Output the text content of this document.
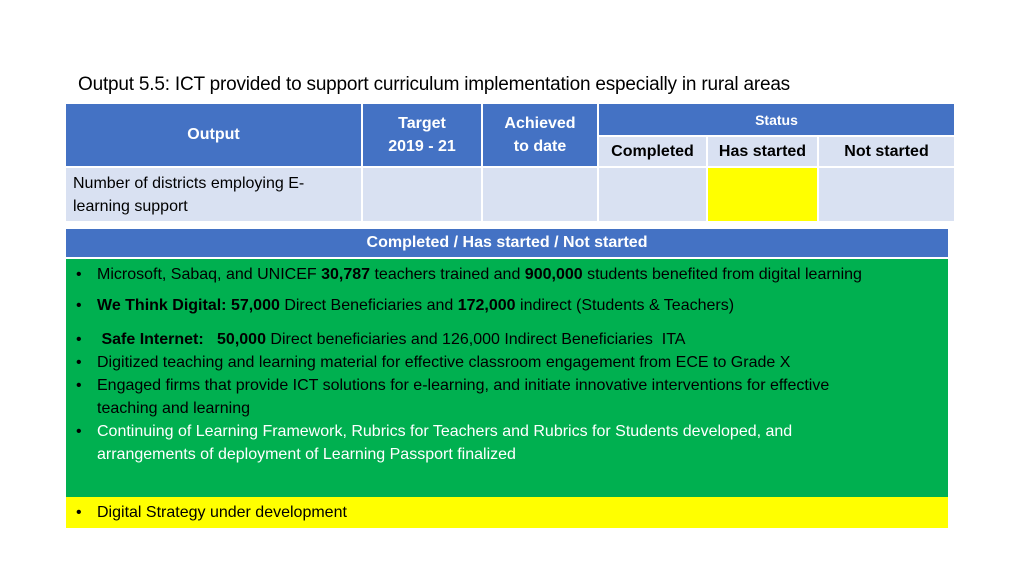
Output 5.5: ICT provided to support curriculum implementation especially in rural areas
Output
Target
2019 - 21
Achieved
to date
Status
Completed	Has started	Not started
Number of districts employing E-
learning support
Completed / Has started / Not started
• Microsoft, Sabaq, and UNICEF 30,787 teachers trained and 900,000 students benefited from digital learning
• We Think Digital: 57,000 Direct Beneficiaries and 172,000 indirect (Students & Teachers)
• Safe Internet:   50,000 Direct beneficiaries and 126,000 Indirect Beneficiaries  ITA
• Digitized teaching and learning material for effective classroom engagement from ECE to Grade X
• Engaged firms that provide ICT solutions for e-learning, and initiate innovative interventions for effective
teaching and learning
• Continuing of Learning Framework, Rubrics for Teachers and Rubrics for Students developed, and
arrangements of deployment of Learning Passport finalized
• Digital Strategy under development
